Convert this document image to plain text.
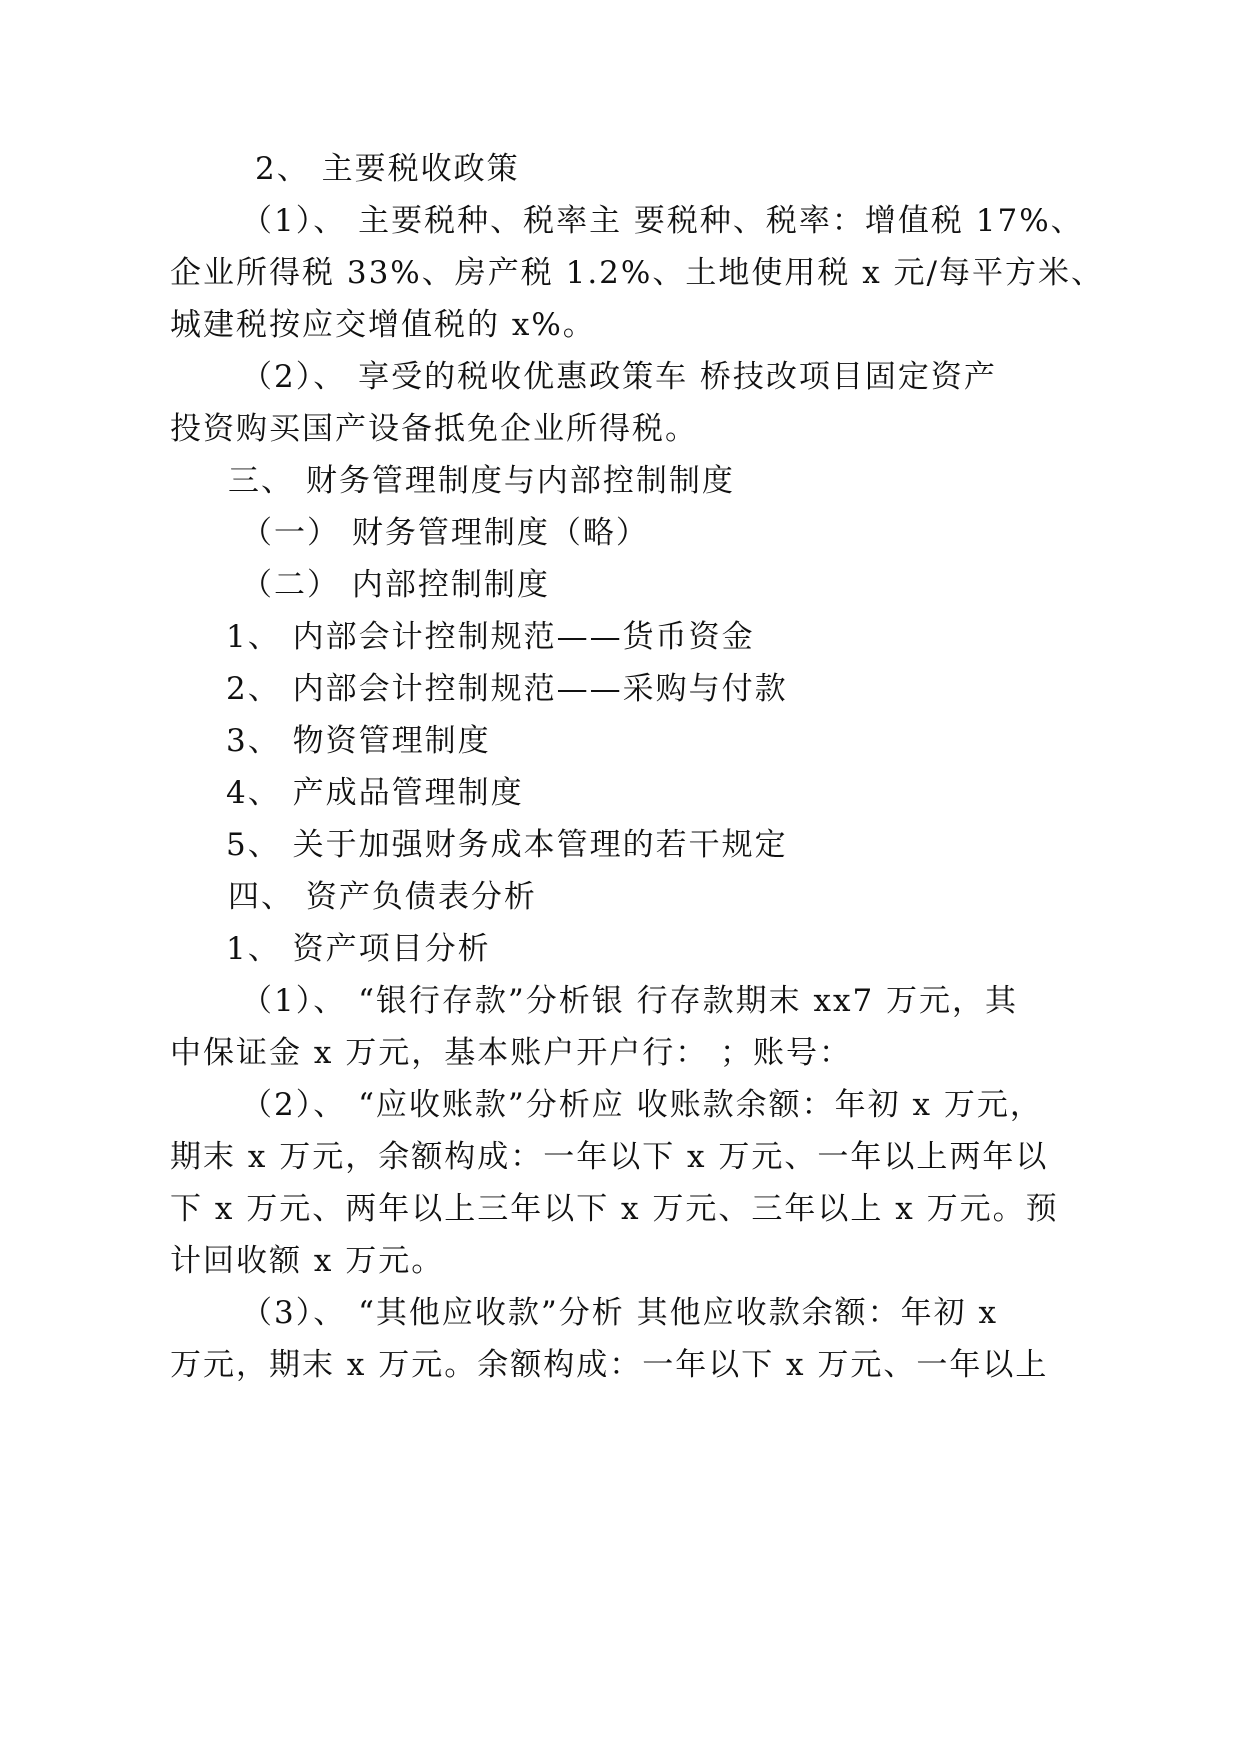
2、 主要税收政策
（1）、 主要税种、税率主 要税种、税率：增值税 17%、
企业所得税 33%、房产税 1.2%、土地使用税 x 元/每平方米、
城建税按应交增值税的 x%。
（2）、 享受的税收优惠政策车 桥技改项目固定资产
投资购买国产设备抵免企业所得税。
三、 财务管理制度与内部控制制度
（一） 财务管理制度（略）
（二） 内部控制制度
1、 内部会计控制规范——货币资金
2、 内部会计控制规范——采购与付款
3、 物资管理制度
4、 产成品管理制度
5、 关于加强财务成本管理的若干规定
四、 资产负债表分析
1、 资产项目分析
（1）、 “银行存款”分析银 行存款期末 xx7 万元，其
中保证金 x 万元，基本账户开户行： ；账号：
（2）、 “应收账款”分析应 收账款余额：年初 x 万元，
期末 x 万元，余额构成：一年以下 x 万元、一年以上两年以
下 x 万元、两年以上三年以下 x 万元、三年以上 x 万元。预
计回收额 x 万元。
（3）、 “其他应收款”分析 其他应收款余额：年初 x
万元，期末 x 万元。余额构成：一年以下 x 万元、一年以上
